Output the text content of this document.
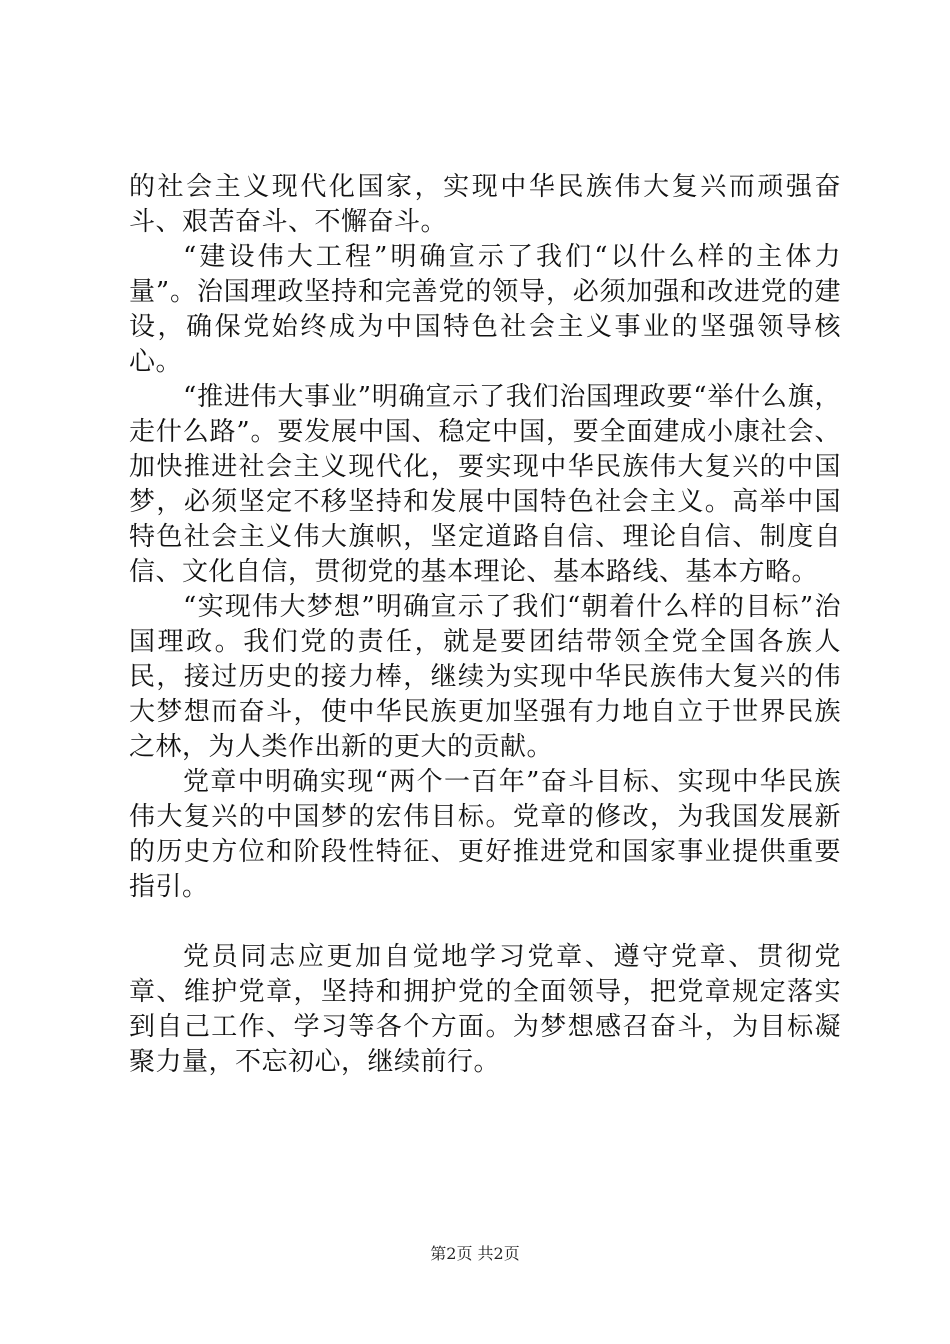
的社会主义现代化国家，实现中华民族伟大复兴而顽强奋斗、艰苦奋斗、不懈奋斗。

“建设伟大工程”明确宣示了我们“以什么样的主体力量”。治国理政坚持和完善党的领导，必须加强和改进党的建设，确保党始终成为中国特色社会主义事业的坚强领导核心。

“推进伟大事业”明确宣示了我们治国理政要“举什么旗，走什么路”。要发展中国、稳定中国，要全面建成小康社会、加快推进社会主义现代化，要实现中华民族伟大复兴的中国梦，必须坚定不移坚持和发展中国特色社会主义。高举中国特色社会主义伟大旗帜，坚定道路自信、理论自信、制度自信、文化自信，贯彻党的基本理论、基本路线、基本方略。

“实现伟大梦想”明确宣示了我们“朝着什么样的目标”治国理政。我们党的责任，就是要团结带领全党全国各族人民，接过历史的接力棒，继续为实现中华民族伟大复兴的伟大梦想而奋斗，使中华民族更加坚强有力地自立于世界民族之林，为人类作出新的更大的贡献。

党章中明确实现“两个一百年”奋斗目标、实现中华民族伟大复兴的中国梦的宏伟目标。党章的修改，为我国发展新的历史方位和阶段性特征、更好推进党和国家事业提供重要指引。

党员同志应更加自觉地学习党章、遵守党章、贯彻党章、维护党章，坚持和拥护党的全面领导，把党章规定落实到自己工作、学习等各个方面。为梦想感召奋斗，为目标凝聚力量，不忘初心，继续前行。

第2页 共2页
